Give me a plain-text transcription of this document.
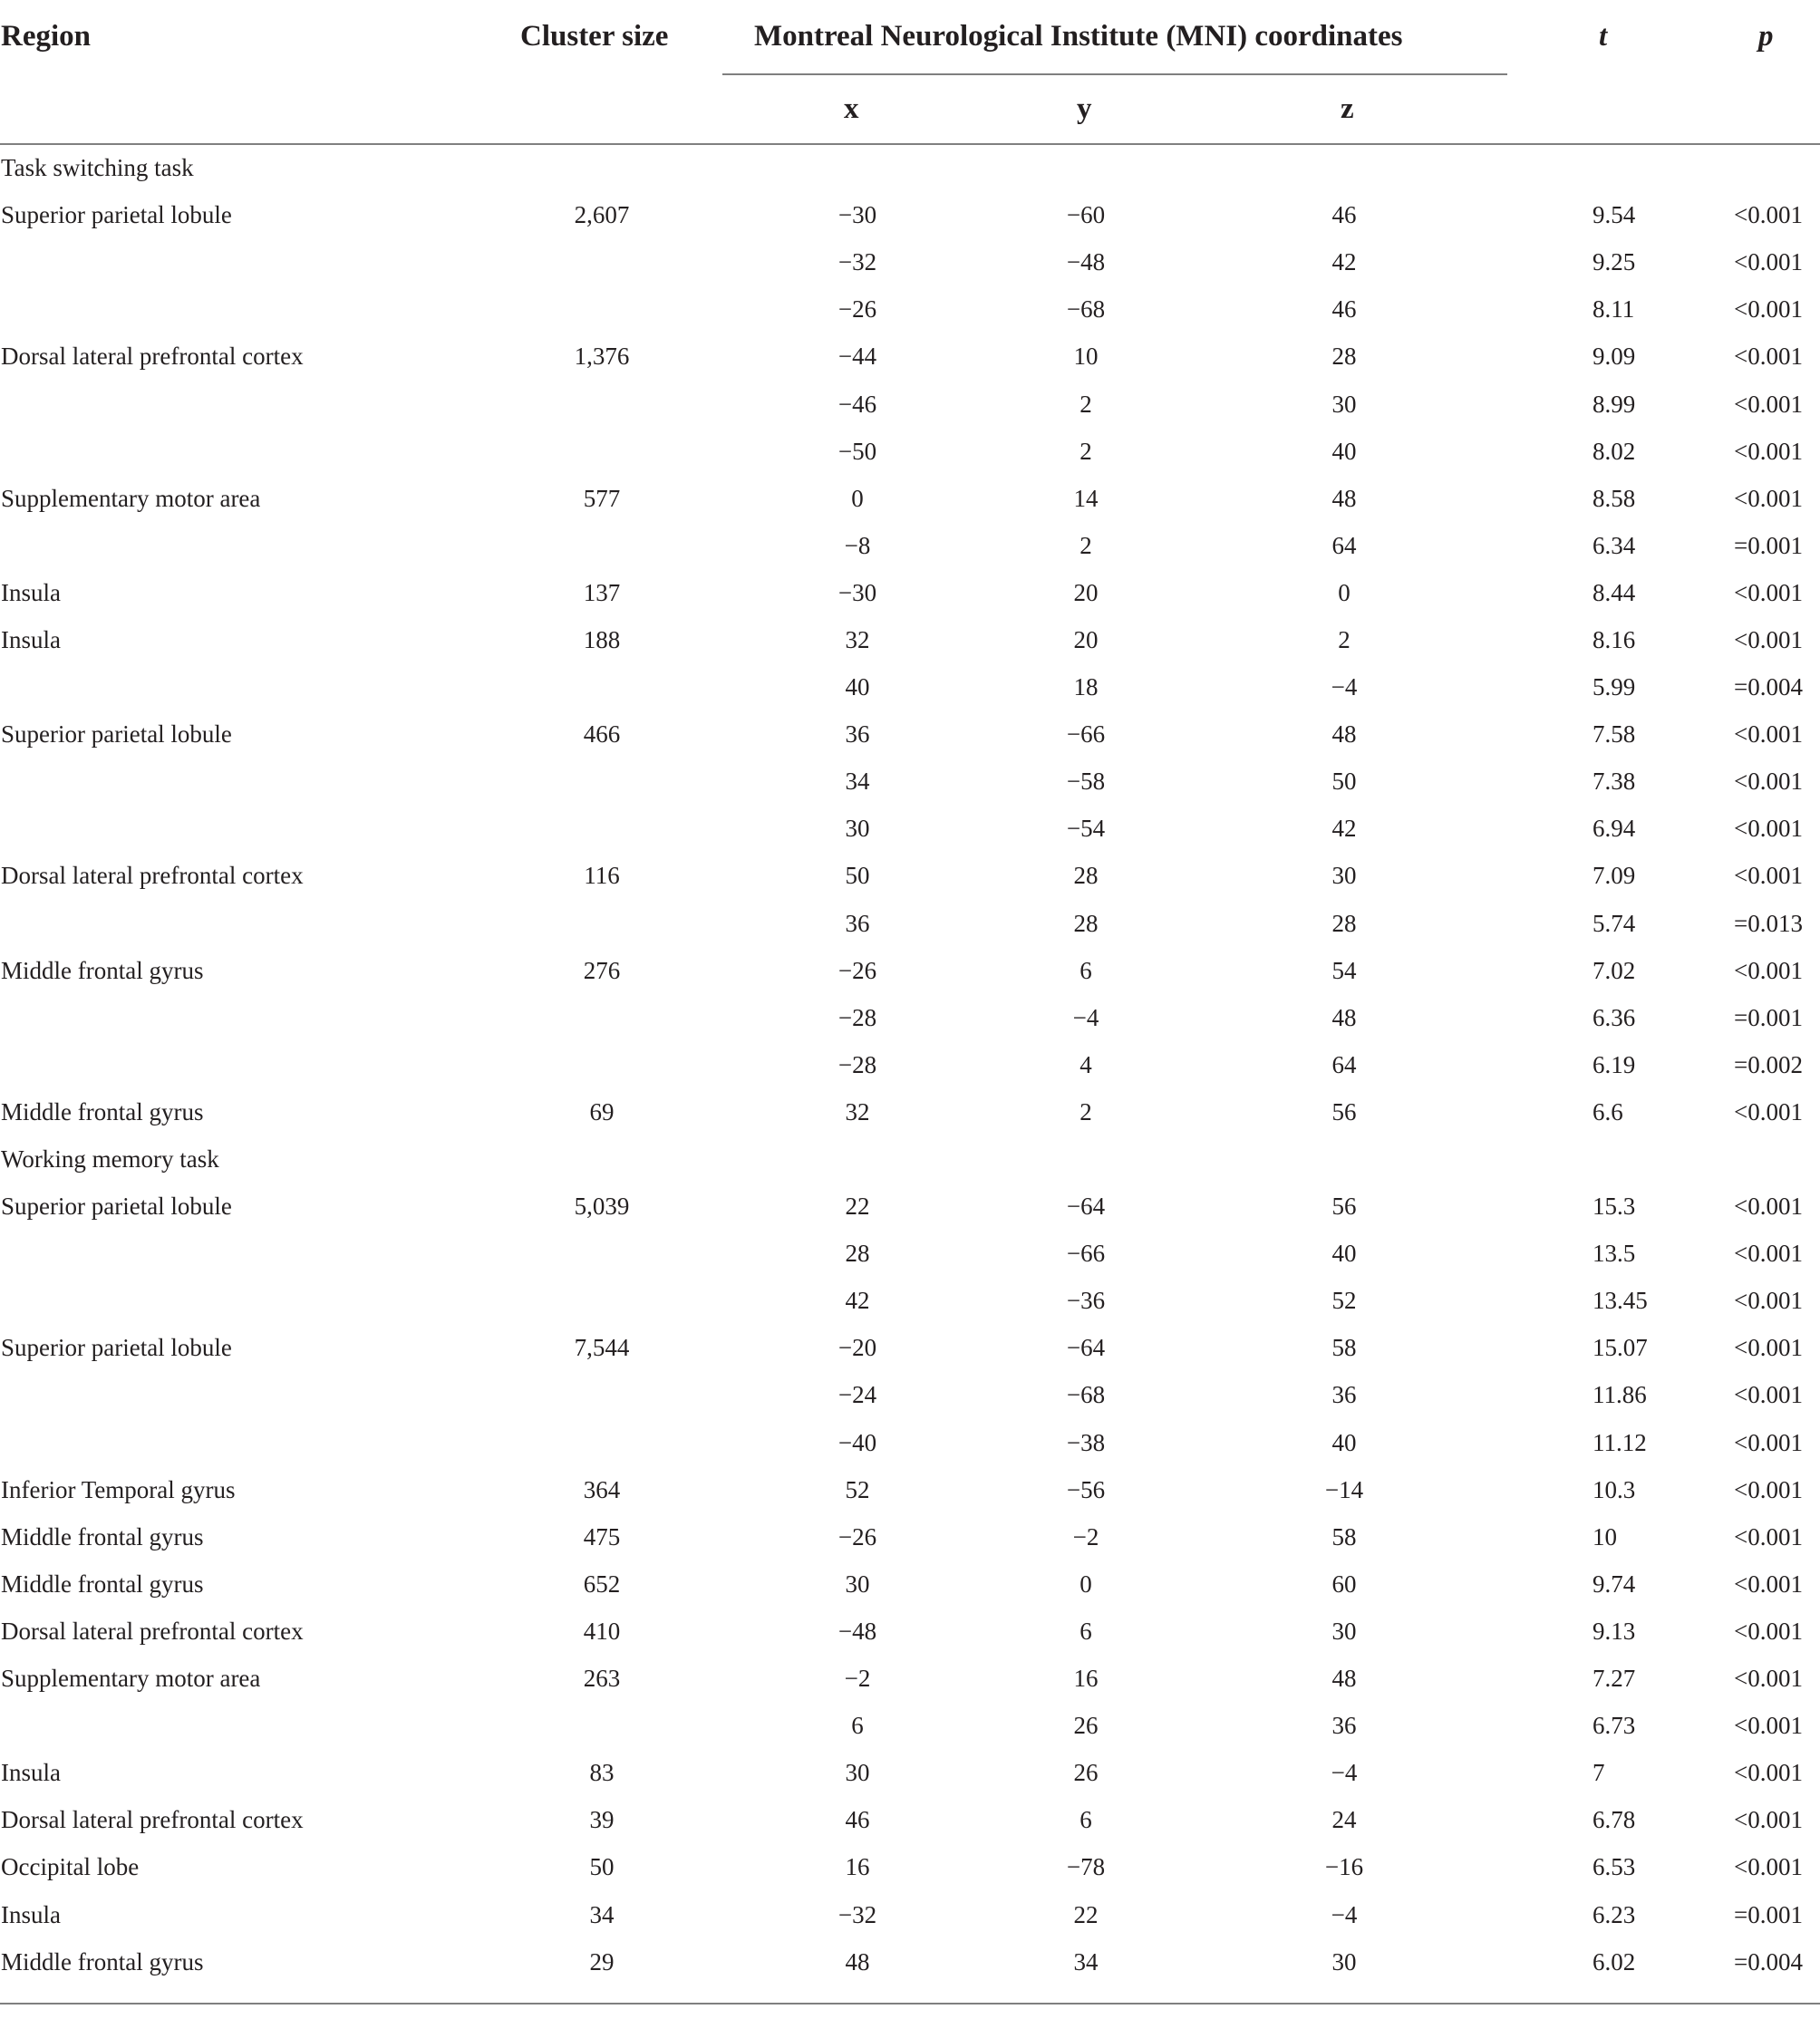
Region	Cluster size	Montreal Neurological Institute (MNI) coordinates	t	p
x	y	z
Task switching task
Superior parietal lobule	2,607	−30	−60	46	9.54	<0.001
−32	−48	42	9.25	<0.001
−26	−68	46	8.11	<0.001
Dorsal lateral prefrontal cortex	1,376	−44	10	28	9.09	<0.001
−46	2	30	8.99	<0.001
−50	2	40	8.02	<0.001
Supplementary motor area	577	0	14	48	8.58	<0.001
−8	2	64	6.34	=0.001
Insula	137	−30	20	0	8.44	<0.001
Insula	188	32	20	2	8.16	<0.001
40	18	−4	5.99	=0.004
Superior parietal lobule	466	36	−66	48	7.58	<0.001
34	−58	50	7.38	<0.001
30	−54	42	6.94	<0.001
Dorsal lateral prefrontal cortex	116	50	28	30	7.09	<0.001
36	28	28	5.74	=0.013
Middle frontal gyrus	276	−26	6	54	7.02	<0.001
−28	−4	48	6.36	=0.001
−28	4	64	6.19	=0.002
Middle frontal gyrus	69	32	2	56	6.6	<0.001
Working memory task
Superior parietal lobule	5,039	22	−64	56	15.3	<0.001
28	−66	40	13.5	<0.001
42	−36	52	13.45	<0.001
Superior parietal lobule	7,544	−20	−64	58	15.07	<0.001
−24	−68	36	11.86	<0.001
−40	−38	40	11.12	<0.001
Inferior Temporal gyrus	364	52	−56	−14	10.3	<0.001
Middle frontal gyrus	475	−26	−2	58	10	<0.001
Middle frontal gyrus	652	30	0	60	9.74	<0.001
Dorsal lateral prefrontal cortex	410	−48	6	30	9.13	<0.001
Supplementary motor area	263	−2	16	48	7.27	<0.001
6	26	36	6.73	<0.001
Insula	83	30	26	−4	7	<0.001
Dorsal lateral prefrontal cortex	39	46	6	24	6.78	<0.001
Occipital lobe	50	16	−78	−16	6.53	<0.001
Insula	34	−32	22	−4	6.23	=0.001
Middle frontal gyrus	29	48	34	30	6.02	=0.004
